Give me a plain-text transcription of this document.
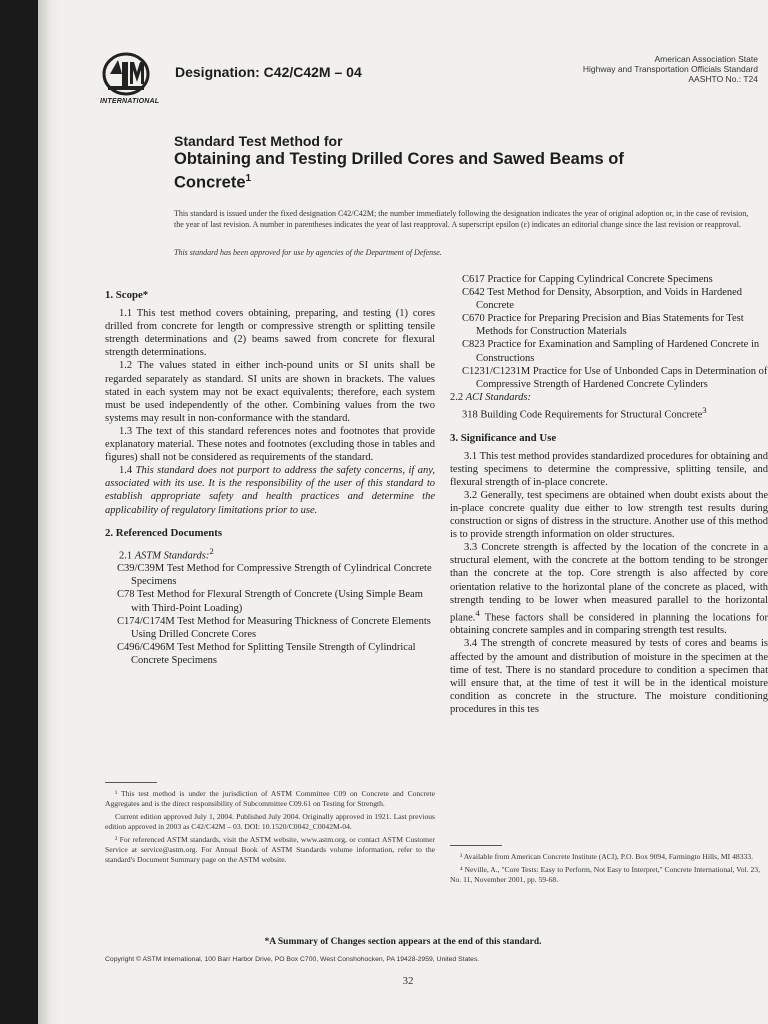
INTERNATIONAL
Designation: C42/C42M – 04
American Association State
Highway and Transportation Officials Standard
AASHTO No.: T24
Standard Test Method for
Obtaining and Testing Drilled Cores and Sawed Beams of
Concrete$^1$
This standard is issued under the fixed designation C42/C42M; the number immediately following the designation indicates the year of original adoption or, in the case of revision, the year of last revision. A number in parentheses indicates the year of last reapproval. A superscript epsilon (ε) indicates an editorial change since the last revision or reapproval.
This standard has been approved for use by agencies of the Department of Defense.

1. Scope*

1.1 This test method covers obtaining, preparing, and testing (1) cores drilled from concrete for length or compressive strength or splitting tensile strength determinations and (2) beams sawed from concrete for flexural strength determinations.

1.2 The values stated in either inch-pound units or SI units shall be regarded separately as standard. SI units are shown in brackets. The values stated in each system may not be exact equivalents; therefore, each system must be used independently of the other. Combining values from the two systems may result in non-conformance with the standard.

1.3 The text of this standard references notes and footnotes that provide explanatory material. These notes and footnotes (excluding those in tables and figures) shall not be considered as requirements of the standard.

1.4 This standard does not purport to address the safety concerns, if any, associated with its use. It is the responsibility of the user of this standard to establish appropriate safety and health practices and determine the applicability of regulatory limitations prior to use.

2. Referenced Documents

2.1 ASTM Standards:$^2$

C39/C39M Test Method for Compressive Strength of Cylindrical Concrete Specimens

C78 Test Method for Flexural Strength of Concrete (Using Simple Beam with Third-Point Loading)

C174/C174M Test Method for Measuring Thickness of Concrete Elements Using Drilled Concrete Cores

C496/C496M Test Method for Splitting Tensile Strength of Cylindrical Concrete Specimens

C617 Practice for Capping Cylindrical Concrete Specimens

C642 Test Method for Density, Absorption, and Voids in Hardened Concrete

C670 Practice for Preparing Precision and Bias Statements for Test Methods for Construction Materials

C823 Practice for Examination and Sampling of Hardened Concrete in Constructions

C1231/C1231M Practice for Use of Unbonded Caps in Determination of Compressive Strength of Hardened Concrete Cylinders

2.2 ACI Standards:

318 Building Code Requirements for Structural Concrete$^3$

3. Significance and Use

3.1 This test method provides standardized procedures for obtaining and testing specimens to determine the compressive, splitting tensile, and flexural strength of in-place concrete.

3.2 Generally, test specimens are obtained when doubt exists about the in-place concrete quality due either to low strength test results during construction or signs of distress in the structure. Another use of this method is to provide strength information on older structures.

3.3 Concrete strength is affected by the location of the concrete in a structural element, with the concrete at the bottom tending to be stronger than the concrete at the top. Core strength is also affected by core orientation relative to the horizontal plane of the concrete as placed, with strength tending to be lower when measured parallel to the horizontal plane.$^4$ These factors shall be considered in planning the locations for obtaining concrete samples and in comparing strength test results.

3.4 The strength of concrete measured by tests of cores and beams is affected by the amount and distribution of moisture in the specimen at the time of test. There is no standard procedure to condition a specimen that will ensure that, at the time of test it will be in the identical moisture condition as concrete in the structure. The moisture conditioning procedures in this tes

¹ This test method is under the jurisdiction of ASTM Committee C09 on Concrete and Concrete Aggregates and is the direct responsibility of Subcommittee C09.61 on Testing for Strength.

Current edition approved July 1, 2004. Published July 2004. Originally approved in 1921. Last previous edition approved in 2003 as C42/C42M – 03. DOI: 10.1520/C0042_C0042M-04.

² For referenced ASTM standards, visit the ASTM website, www.astm.org, or contact ASTM Customer Service at service@astm.org. For Annual Book of ASTM Standards volume information, refer to the standard's Document Summary page on the ASTM website.	³ Available from American Concrete Institute (ACI), P.O. Box 9094, Farmingto Hills, MI 48333.

⁴ Neville, A., "Core Tests: Easy to Perform, Not Easy to Interpret," Concrete International, Vol. 23, No. 11, November 2001, pp. 59-68.

*A Summary of Changes section appears at the end of this standard.
Copyright © ASTM International, 100 Barr Harbor Drive, PO Box C700, West Conshohocken, PA 19428-2959, United States.
32
